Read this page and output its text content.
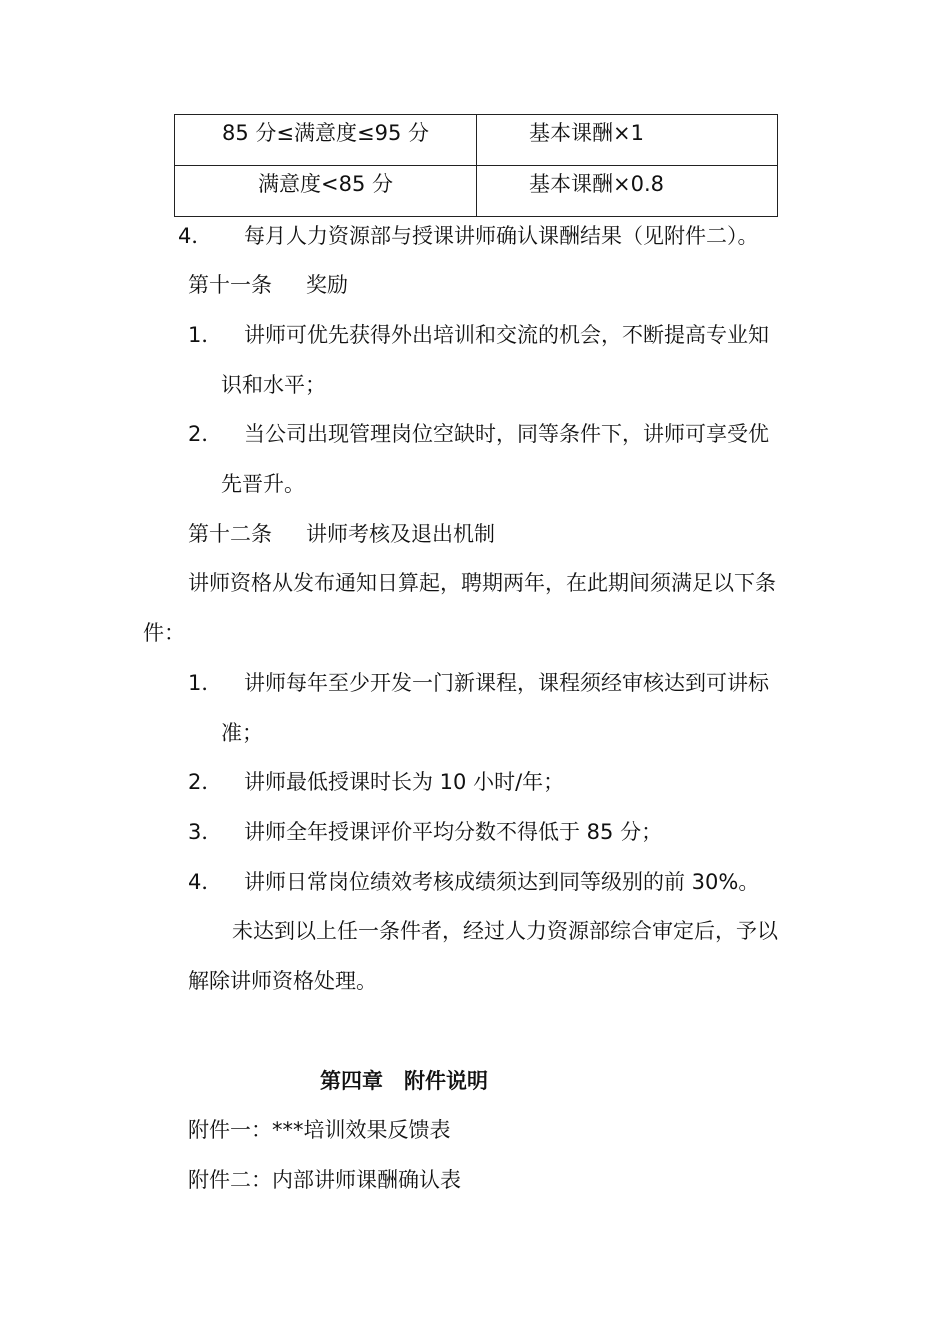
85 分≤满意度≤95 分	基本课酬×1

满意度<85 分	基本课酬×0.8
4． 每月人力资源部与授课讲师确认课酬结果（见附件二）。
第十一条 奖励
1． 讲师可优先获得外出培训和交流的机会，不断提高专业知
识和水平；
2． 当公司出现管理岗位空缺时，同等条件下，讲师可享受优
先晋升。
第十二条 讲师考核及退出机制
讲师资格从发布通知日算起，聘期两年，在此期间须满足以下条
件：
1． 讲师每年至少开发一门新课程，课程须经审核达到可讲标
准；
2． 讲师最低授课时长为 10 小时/年；
3． 讲师全年授课评价平均分数不得低于 85 分；
4． 讲师日常岗位绩效考核成绩须达到同等级别的前 30%。
未达到以上任一条件者，经过人力资源部综合审定后，予以
解除讲师资格处理。
第四章　附件说明
附件一：***培训效果反馈表
附件二：内部讲师课酬确认表
